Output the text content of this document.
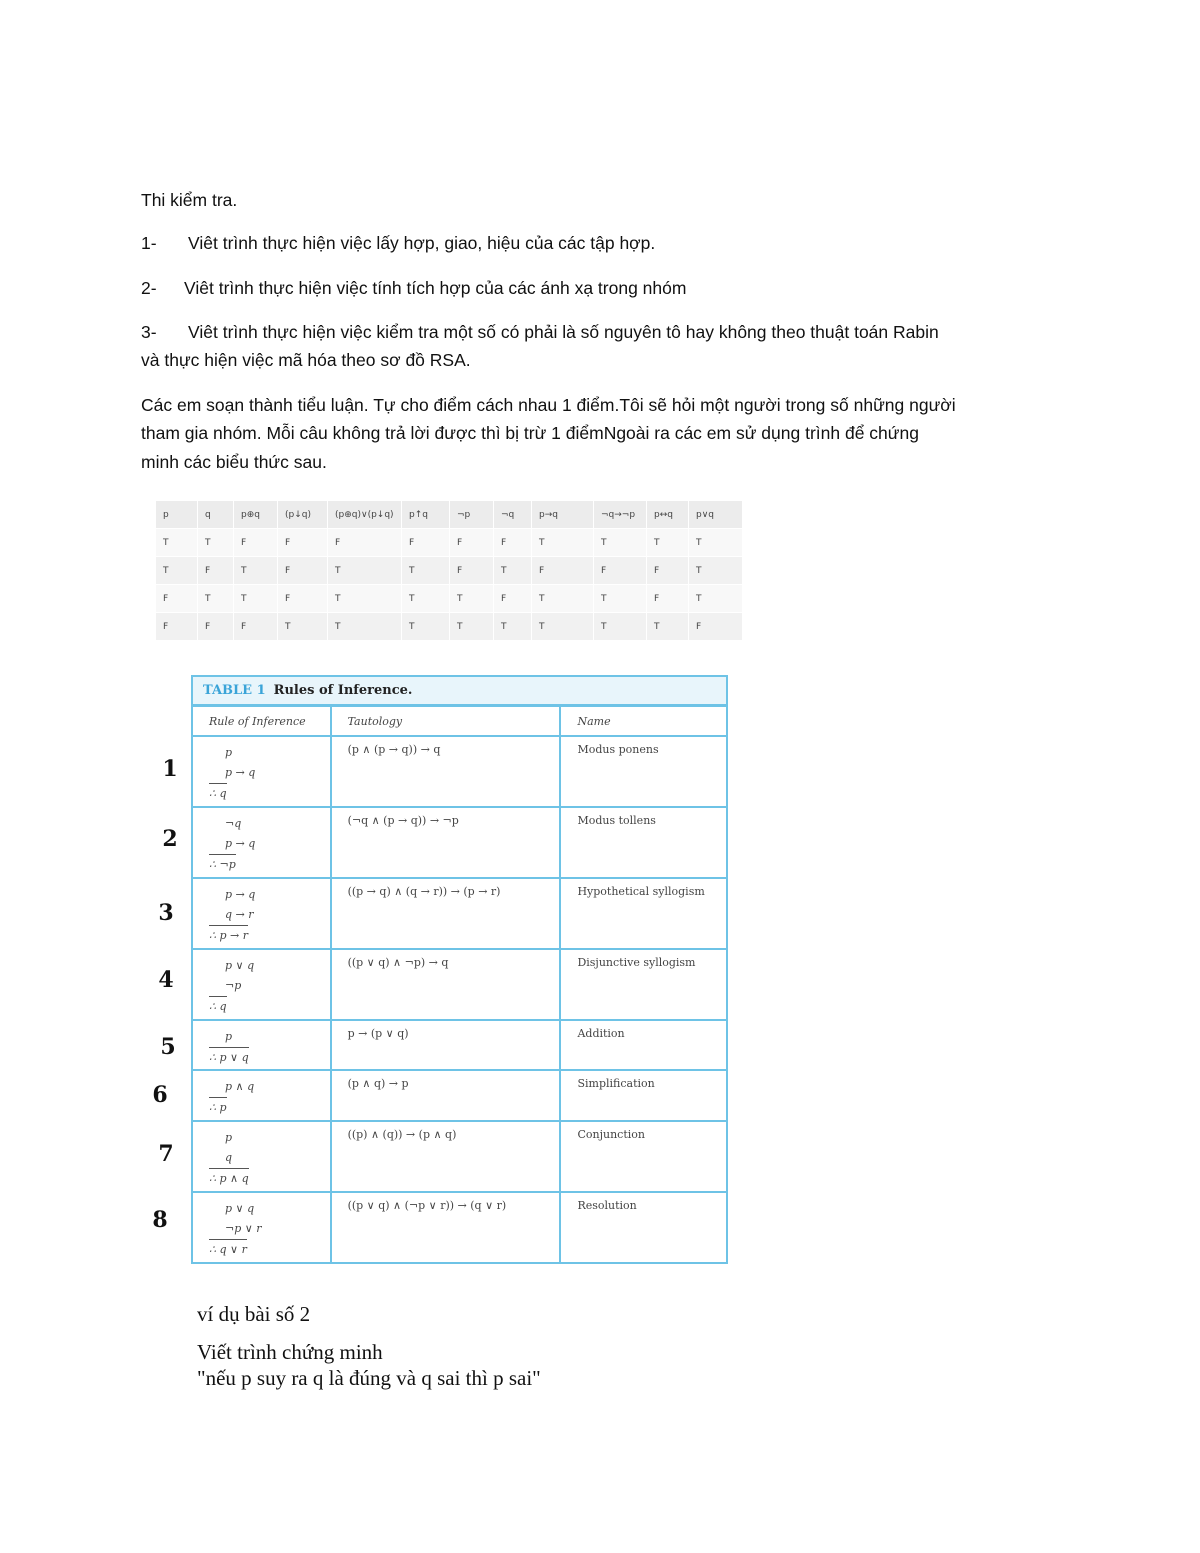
Thi kiểm tra.

1- Viêt trình thực hiện việc lấy hợp, giao, hiệu của các tập hợp.

2- Viêt trình thực hiện việc tính tích hợp của các ánh xạ trong nhóm

3- Viêt trình thực hiện việc kiểm tra một số có phải là số nguyên tô hay không theo thuật toán Rabin

và thực hiện việc mã hóa theo sơ đồ RSA.

Các em soạn thành tiểu luận. Tự cho điểm cách nhau 1 điểm.Tôi sẽ hỏi một người trong số những người

tham gia nhóm. Mỗi câu không trả lời được thì bị trừ 1 điểmNgoài ra các em sử dụng trình để chứng

minh các biểu thức sau.

p	q	p⊕q	(p↓q)	(p⊕q)∨(p↓q)	p↑q	¬p	¬q	p→q	¬q→¬p	p↔q	p∨q
T	T	F	F	F	F	F	F	T	T	T	T
T	F	T	F	T	T	F	T	F	F	F	T
F	T	T	F	T	T	T	F	T	T	F	T
F	F	F	T	T	T	T	T	T	T	T	F
1
2
3
4
5
6
7
8
TABLE 1 Rules of Inference.
Rule of Inference	Tautology	Name

p
p → q
∴ q	(p ∧ (p → q)) → q	Modus ponens

¬q
p → q
∴ ¬p	(¬q ∧ (p → q)) → ¬p	Modus tollens

p → q
q → r
∴ p → r	((p → q) ∧ (q → r)) → (p → r)	Hypothetical syllogism

p ∨ q
¬p
∴ q	((p ∨ q) ∧ ¬p) → q	Disjunctive syllogism

p
∴ p ∨ q	p → (p ∨ q)	Addition

p ∧ q
∴ p	(p ∧ q) → p	Simplification

p
q
∴ p ∧ q	((p) ∧ (q)) → (p ∧ q)	Conjunction

p ∨ q
¬p ∨ r
∴ q ∨ r	((p ∨ q) ∧ (¬p ∨ r)) → (q ∨ r)	Resolution
ví dụ bài số 2
Viết trình chứng minh
"nếu p suy ra q là đúng và q sai thì p sai"
